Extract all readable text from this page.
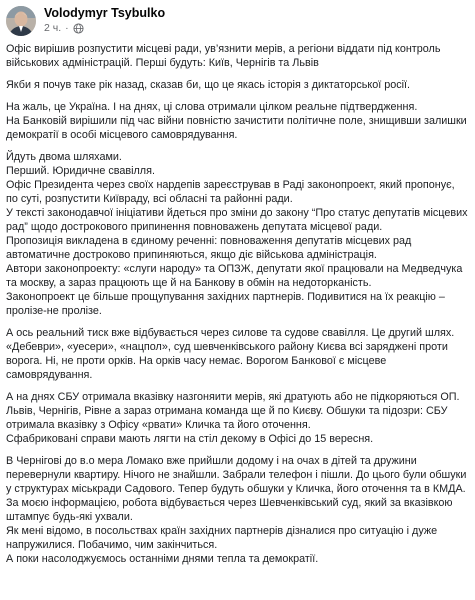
Volodymyr Tsybulko
2 ч. ·

Офіс вирішив розпустити місцеві ради, ув’язнити мерів, а регіони віддати під контроль військових адміністрацій. Перші будуть: Київ, Чернігів та Львів

Якби я почув таке рік назад, сказав би, що це якась історія з диктаторської росії.

На жаль, це Україна. І на днях, ці слова отримали цілком реальне підтвердження.
На Банковій вирішили під час війни повністю зачистити політичне поле, знищивши залишки демократії в особі місцевого самоврядування.

Йдуть двома шляхами.
Перший. Юридичне свавілля.
Офіс Президента через своїх нардепів зареєстрував в Раді законопроект, який пропонує, по суті, розпустити Київраду, всі обласні та районні ради.
У тексті законодавчої ініціативи йдеться про зміни до закону “Про статус депутатів місцевих рад” щодо дострокового припинення повноважень депутата місцевої ради.
Пропозиція викладена в єдиному реченні: повноваження депутатів місцевих рад автоматичне достроково припиняються, якщо діє військова адміністрація.
Автори законопроекту: «слуги народу» та ОПЗЖ, депутати якої працювали на Медведчука та москву, а зараз працюють ще й на Банкову в обмін на недоторканість.
Законопроект це більше прощупування західних партнерів. Подивитися на їх реакцію – пролізе-не пролізе.

А ось реальний тиск вже відбувається через силове та судове свавілля. Це другий шлях.
«Дебеври», «уесери», «нацпол», суд шевченківського району Києва всі заряджені проти ворога. Ні, не проти орків. На орків часу немає. Ворогом Банкової є місцеве самоврядування.

А на днях СБУ отримала вказівку назгоняити мерів, які дратують або не підкоряються ОП.
Львів, Чернігів, Рівне а зараз отримана команда ще й по Києву. Обшуки та підозри: СБУ отримала вказівку з Офісу «рвати» Кличка та його оточення.
Сфабриковані справи мають лягти на стіл декому в Офісі до 15 вересня.

В Чернігові до в.о мера Ломако вже прийшли додому і на очах в дітей та дружини перевернули квартиру. Нічого не знайшли. Забрали телефон і пішли. До цього були обшуки у структурах міськради Садового. Тепер будуть обшуки у Кличка, його оточення та в КМДА.
За моєю інформацією, робота відбувається через Шевченківський суд, який за вказівкою штампує будь-які ухвали.
Як мені відомо, в посольствах країн західних партнерів дізналися про ситуацію і дуже напружилися. Побачимо, чим закінчиться.
А поки насолоджуємось останніми днями тепла та демократії.
